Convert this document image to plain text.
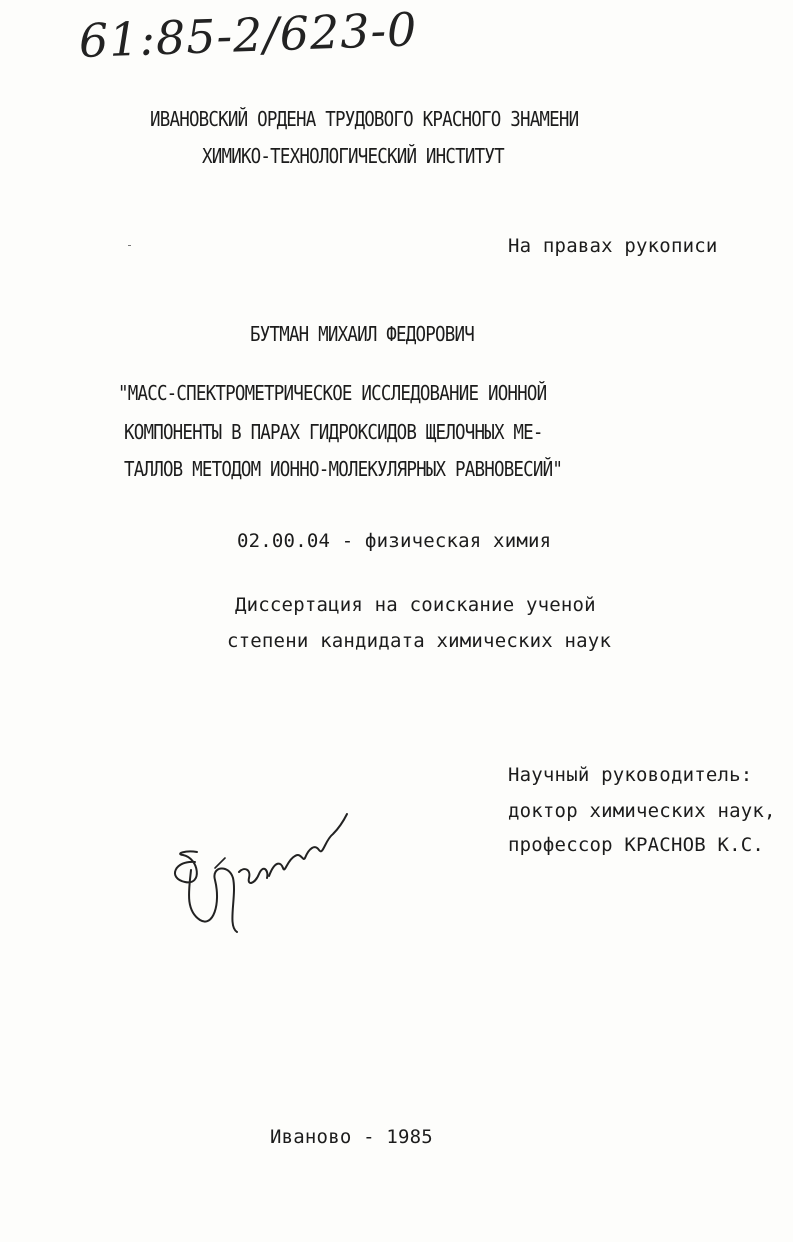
61:85-2/623-0
ИВАНОВСКИЙ ОРДЕНА ТРУДОВОГО КРАСНОГО ЗНАМЕНИ
ХИМИКО-ТЕХНОЛОГИЧЕСКИЙ ИНСТИТУТ
На правах рукописи
БУТМАН МИХАИЛ ФЕДОРОВИЧ
"МАСС-СПЕКТРОМЕТРИЧЕСКОЕ ИССЛЕДОВАНИЕ ИОННОЙ
КОМПОНЕНТЫ В ПАРАХ ГИДРОКСИДОВ ЩЕЛОЧНЫХ МЕ-
ТАЛЛОВ МЕТОДОМ ИОННО-МОЛЕКУЛЯРНЫХ РАВНОВЕСИЙ"
02.00.04 - физическая химия
Диссертация на соискание ученой
степени кандидата химических наук
Научный руководитель:
доктор химических наук,
профессор КРАСНОВ К.С.
Иваново - 1985
